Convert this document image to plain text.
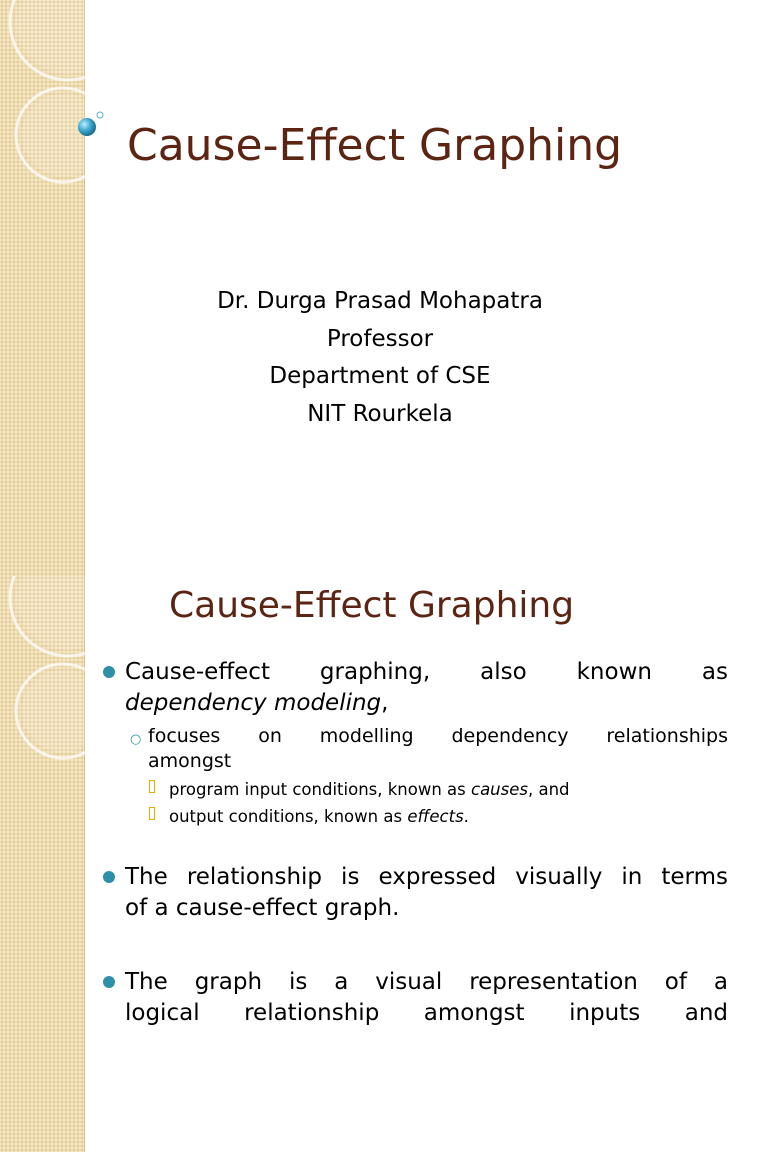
Cause-Effect Graphing
Dr. Durga Prasad Mohapatra
Professor
Department of CSE
NIT Rourkela
Cause-Effect Graphing
Cause-effect graphing, also known as
dependency modeling,
○ focuses on modelling dependency relationships
amongst
program input conditions, known as causes, and
output conditions, known as effects.
The relationship is expressed visually in terms
of a cause-effect graph.
The graph is a visual representation of a
logical relationship amongst inputs and
